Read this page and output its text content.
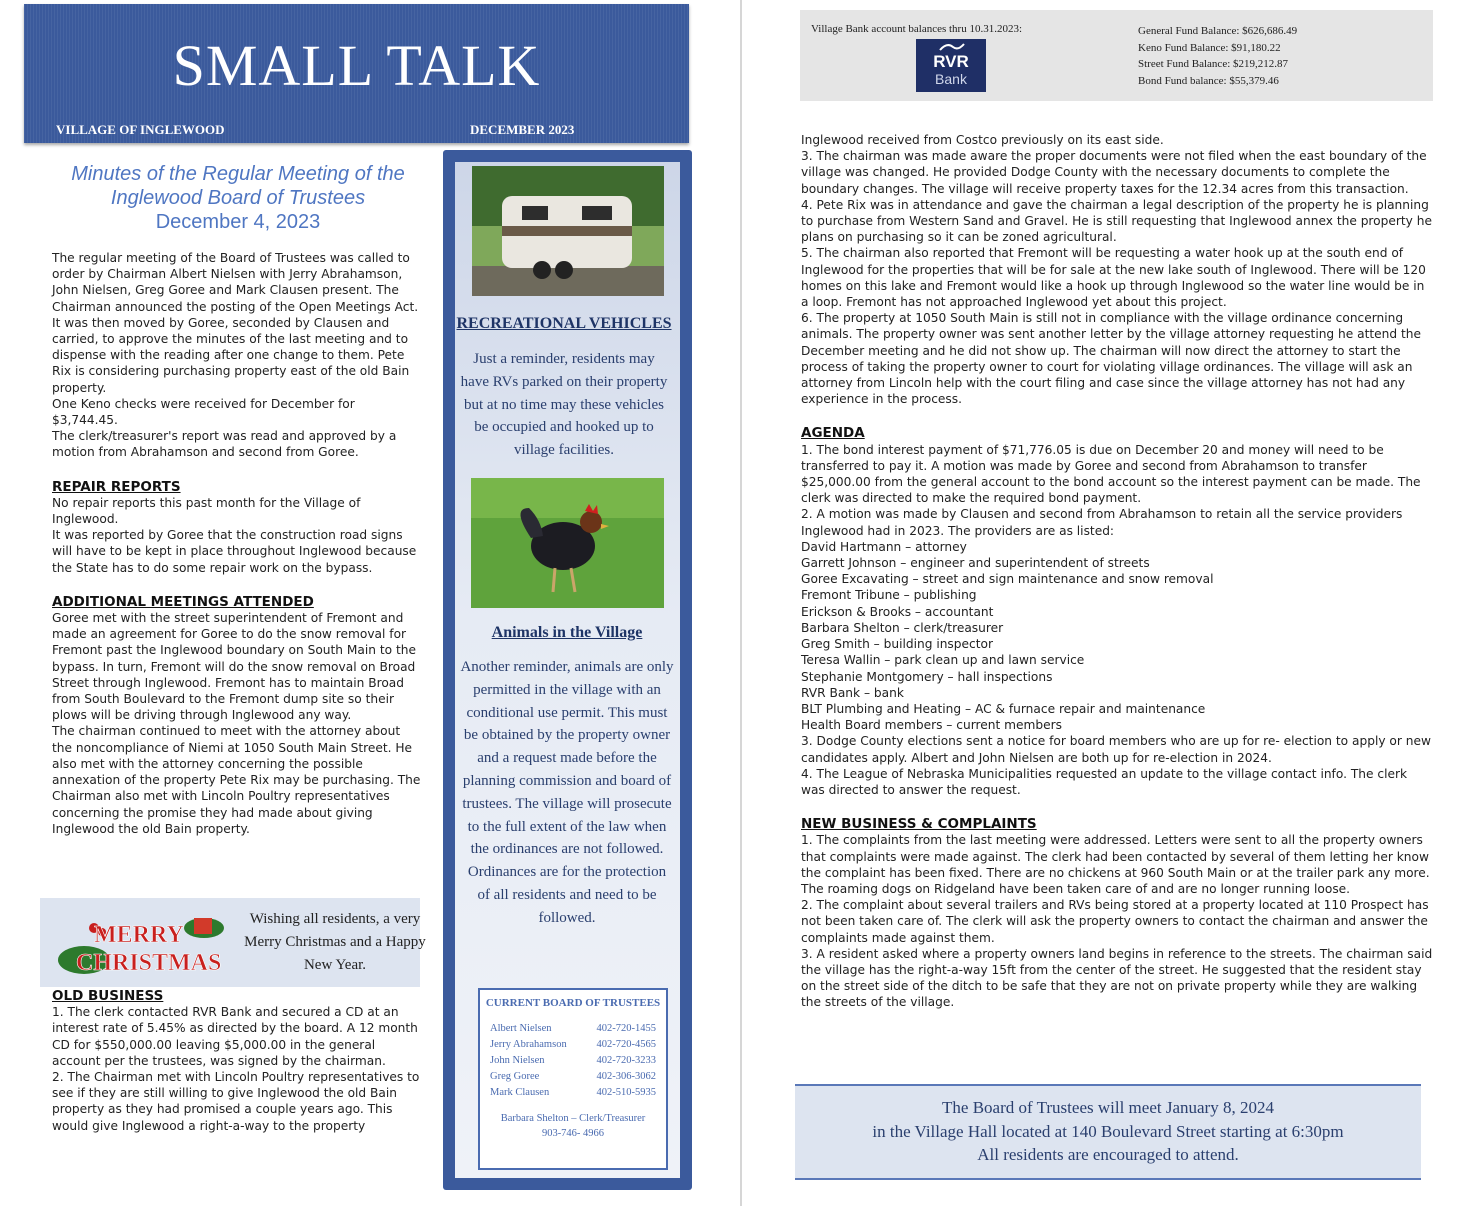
SMALL TALK
VILLAGE OF INGLEWOOD	DECEMBER 2023
Minutes of the Regular Meeting of the
Inglewood Board of Trustees
December 4, 2023

The regular meeting of the Board of Trustees was called to order by Chairman Albert Nielsen with Jerry Abrahamson, John Nielsen, Greg Goree and Mark Clausen present. The Chairman announced the posting of the Open Meetings Act. It was then moved by Goree, seconded by Clausen and carried, to approve the minutes of the last meeting and to dispense with the reading after one change to them. Pete Rix is considering purchasing property east of the old Bain property.

One Keno checks were received for December for $3,744.45.

The clerk/treasurer's report was read and approved by a motion from Abrahamson and second from Goree.

REPAIR REPORTS

No repair reports this past month for the Village of Inglewood.

It was reported by Goree that the construction road signs will have to be kept in place throughout Inglewood because the State has to do some repair work on the bypass.

ADDITIONAL MEETINGS ATTENDED

Goree met with the street superintendent of Fremont and made an agreement for Goree to do the snow removal for Fremont past the Inglewood boundary on South Main to the bypass. In turn, Fremont will do the snow removal on Broad Street through Inglewood. Fremont has to maintain Broad from South Boulevard to the Fremont dump site so their plows will be driving through Inglewood any way.

The chairman continued to meet with the attorney about the noncompliance of Niemi at 1050 South Main Street. He also met with the attorney concerning the possible annexation of the property Pete Rix may be purchasing. The Chairman also met with Lincoln Poultry representatives concerning the promise they had made about giving Inglewood the old Bain property.

MERRY
CHRISTMAS
Wishing all residents, a very Merry Christmas and a Happy New Year.

OLD BUSINESS

1. The clerk contacted RVR Bank and secured a CD at an interest rate of 5.45% as directed by the board. A 12 month CD for $550,000.00 leaving $5,000.00 in the general account per the trustees, was signed by the chairman.

2. The Chairman met with Lincoln Poultry representatives to see if they are still willing to give Inglewood the old Bain property as they had promised a couple years ago. This would give Inglewood a right-a-way to the property

RECREATIONAL VEHICLES
Just a reminder, residents may have RVs parked on their property but at no time may these vehicles be occupied and hooked up to village facilities.
Animals in the Village
Another reminder, animals are only permitted in the village with an conditional use permit. This must be obtained by the property owner and a request made before the planning commission and board of trustees. The village will prosecute to the full extent of the law when the ordinances are not followed. Ordinances are for the protection of all residents and need to be followed.
CURRENT BOARD OF TRUSTEES
Albert Nielsen	402-720-1455
Jerry Abrahamson	402-720-4565
John Nielsen	402-720-3233
Greg Goree	402-306-3062
Mark Clausen	402-510-5935
Barbara Shelton – Clerk/Treasurer
903-746- 4966
Village Bank account balances thru 10.31.2023:	General Fund Balance: $626,686.49
Keno Fund Balance: $91,180.22
Street Fund Balance: $219,212.87
Bond Fund balance: $55,379.46
RVR
Bank

Inglewood received from Costco previously on its east side.

3. The chairman was made aware the proper documents were not filed when the east boundary of the village was changed. He provided Dodge County with the necessary documents to complete the boundary changes. The village will receive property taxes for the 12.34 acres from this transaction.

4. Pete Rix was in attendance and gave the chairman a legal description of the property he is planning to purchase from Western Sand and Gravel. He is still requesting that Inglewood annex the property he plans on purchasing so it can be zoned agricultural.

5. The chairman also reported that Fremont will be requesting a water hook up at the south end of Inglewood for the properties that will be for sale at the new lake south of Inglewood. There will be 120 homes on this lake and Fremont would like a hook up through Inglewood so the water line would be in a loop. Fremont has not approached Inglewood yet about this project.

6. The property at 1050 South Main is still not in compliance with the village ordinance concerning animals. The property owner was sent another letter by the village attorney requesting he attend the December meeting and he did not show up. The chairman will now direct the attorney to start the process of taking the property owner to court for violating village ordinances. The village will ask an attorney from Lincoln help with the court filing and case since the village attorney has not had any experience in the process.

AGENDA

1. The bond interest payment of $71,776.05 is due on December 20 and money will need to be transferred to pay it. A motion was made by Goree and second from Abrahamson to transfer $25,000.00 from the general account to the bond account so the interest payment can be made. The clerk was directed to make the required bond payment.

2. A motion was made by Clausen and second from Abrahamson to retain all the service providers Inglewood had in 2023. The providers are as listed:

David Hartmann – attorney

Garrett Johnson – engineer and superintendent of streets

Goree Excavating – street and sign maintenance and snow removal

Fremont Tribune – publishing

Erickson & Brooks – accountant

Barbara Shelton – clerk/treasurer

Greg Smith – building inspector

Teresa Wallin – park clean up and lawn service

Stephanie Montgomery – hall inspections

RVR Bank – bank

BLT Plumbing and Heating – AC & furnace repair and maintenance

Health Board members – current members

3. Dodge County elections sent a notice for board members who are up for re- election to apply or new candidates apply. Albert and John Nielsen are both up for re-election in 2024.

4. The League of Nebraska Municipalities requested an update to the village contact info. The clerk was directed to answer the request.

NEW BUSINESS & COMPLAINTS

1. The complaints from the last meeting were addressed. Letters were sent to all the property owners that complaints were made against. The clerk had been contacted by several of them letting her know the complaint has been fixed. There are no chickens at 960 South Main or at the trailer park any more. The roaming dogs on Ridgeland have been taken care of and are no longer running loose.

2. The complaint about several trailers and RVs being stored at a property located at 110 Prospect has not been taken care of. The clerk will ask the property owners to contact the chairman and answer the complaints made against them.

3. A resident asked where a property owners land begins in reference to the streets. The chairman said the village has the right-a-way 15ft from the center of the street. He suggested that the resident stay on the street side of the ditch to be safe that they are not on private property while they are walking the streets of the village.

The Board of Trustees will meet January 8, 2024
in the Village Hall located at 140 Boulevard Street starting at 6:30pm
All residents are encouraged to attend.
